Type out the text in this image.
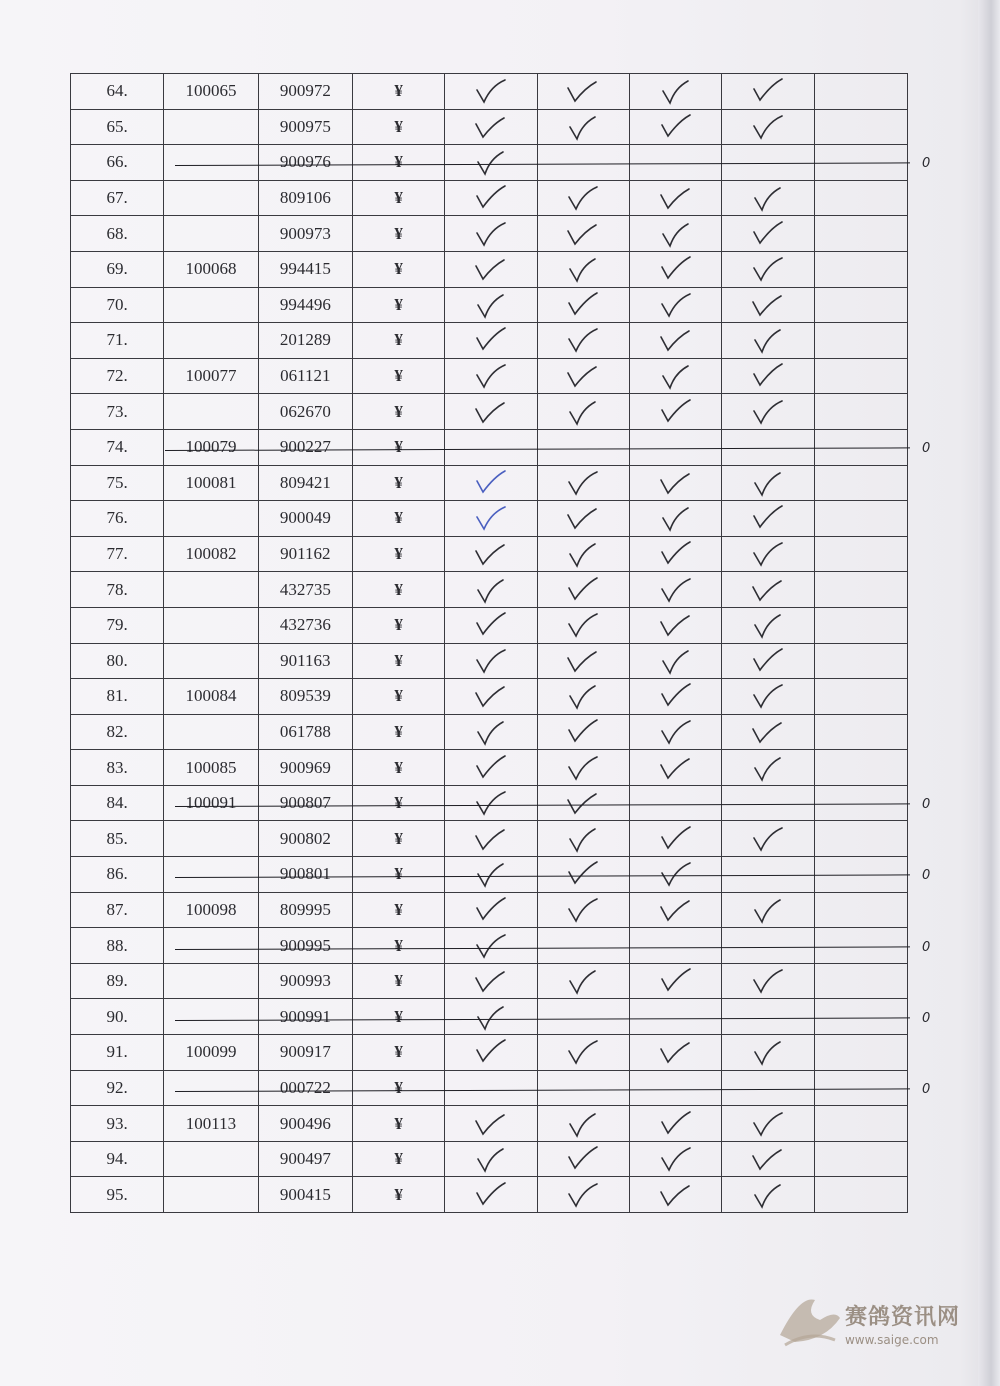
64.	100065	900972	¥	

65.		900975	¥	

66.		900976	¥	

67.		809106	¥	

68.		900973	¥	

69.	100068	994415	¥	

70.		994496	¥	

71.		201289	¥	

72.	100077	061121	¥	

73.		062670	¥	

74.	100079	900227	¥					
75.	100081	809421	¥	

76.		900049	¥	

77.	100082	901162	¥	

78.		432735	¥	

79.		432736	¥	

80.		901163	¥	

81.	100084	809539	¥	

82.		061788	¥	

83.	100085	900969	¥	

84.	100091	900807	¥	

85.		900802	¥	

86.		900801	¥	

87.	100098	809995	¥	

88.		900995	¥	

89.		900993	¥	

90.		900991	¥	

91.	100099	900917	¥	

92.		000722	¥					
93.	100113	900496	¥	

94.		900497	¥	

95.		900415	¥	

0
0
0
0
0
0
0
赛鸽资讯网
www.saige.com
